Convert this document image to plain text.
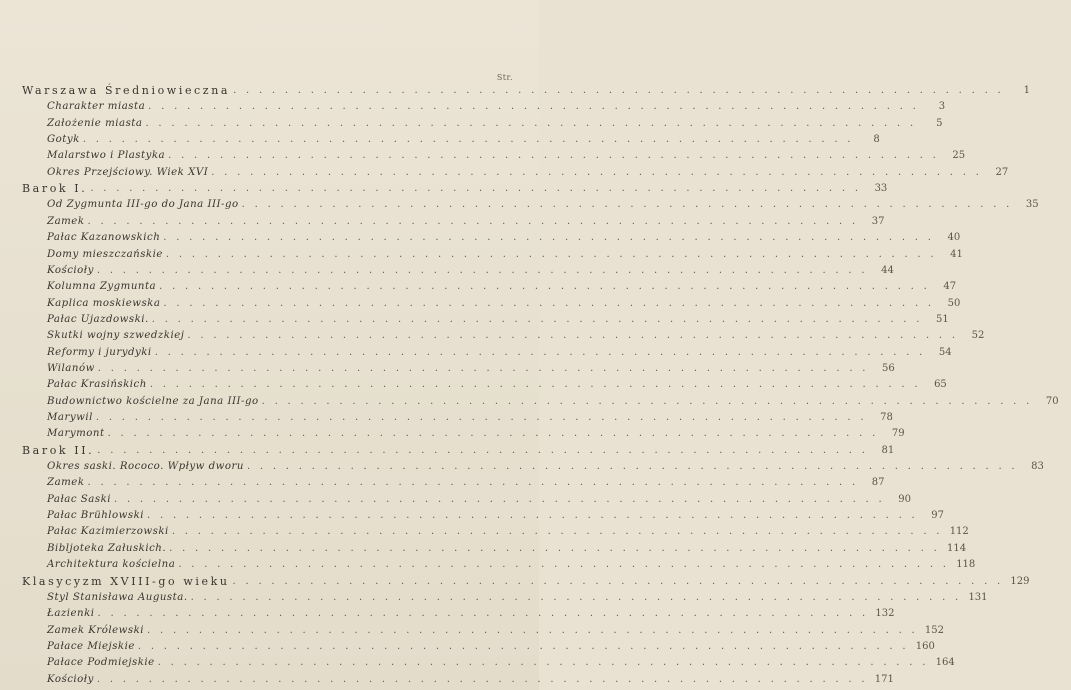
Str.
Warszawa Średniowieczna . . . . . . . . . . . . . . . . . . . . . . . . . . . . . . . . . . . . . . . . . . . . . . . . . . . . . . . . . . . .	1
Charakter miasta . . . . . . . . . . . . . . . . . . . . . . . . . . . . . . . . . . . . . . . . . . . . . . . . . . . . . . . . . . . .	3
Założenie miasta . . . . . . . . . . . . . . . . . . . . . . . . . . . . . . . . . . . . . . . . . . . . . . . . . . . . . . . . . . . .	5
Gotyk . . . . . . . . . . . . . . . . . . . . . . . . . . . . . . . . . . . . . . . . . . . . . . . . . . . . . . . . . . . .	8
Malarstwo i Plastyka . . . . . . . . . . . . . . . . . . . . . . . . . . . . . . . . . . . . . . . . . . . . . . . . . . . . . . . . . . . .	25
Okres Przejściowy. Wiek XVI . . . . . . . . . . . . . . . . . . . . . . . . . . . . . . . . . . . . . . . . . . . . . . . . . . . . . . . . . . . .	27
Barok I. . . . . . . . . . . . . . . . . . . . . . . . . . . . . . . . . . . . . . . . . . . . . . . . . . . . . . . . . . . . .	33
Od Zygmunta III-go do Jana III-go . . . . . . . . . . . . . . . . . . . . . . . . . . . . . . . . . . . . . . . . . . . . . . . . . . . . . . . . . . . .	35
Zamek . . . . . . . . . . . . . . . . . . . . . . . . . . . . . . . . . . . . . . . . . . . . . . . . . . . . . . . . . . . .	37
Pałac Kazanowskich . . . . . . . . . . . . . . . . . . . . . . . . . . . . . . . . . . . . . . . . . . . . . . . . . . . . . . . . . . . .	40
Domy mieszczańskie . . . . . . . . . . . . . . . . . . . . . . . . . . . . . . . . . . . . . . . . . . . . . . . . . . . . . . . . . . . .	41
Kościoły . . . . . . . . . . . . . . . . . . . . . . . . . . . . . . . . . . . . . . . . . . . . . . . . . . . . . . . . . . . .	44
Kolumna Zygmunta . . . . . . . . . . . . . . . . . . . . . . . . . . . . . . . . . . . . . . . . . . . . . . . . . . . . . . . . . . . .	47
Kaplica moskiewska . . . . . . . . . . . . . . . . . . . . . . . . . . . . . . . . . . . . . . . . . . . . . . . . . . . . . . . . . . . .	50
Pałac Ujazdowski. . . . . . . . . . . . . . . . . . . . . . . . . . . . . . . . . . . . . . . . . . . . . . . . . . . . . . . . . . . . .	51
Skutki wojny szwedzkiej . . . . . . . . . . . . . . . . . . . . . . . . . . . . . . . . . . . . . . . . . . . . . . . . . . . . . . . . . . . .	52
Reformy i jurydyki . . . . . . . . . . . . . . . . . . . . . . . . . . . . . . . . . . . . . . . . . . . . . . . . . . . . . . . . . . . .	54
Wilanów . . . . . . . . . . . . . . . . . . . . . . . . . . . . . . . . . . . . . . . . . . . . . . . . . . . . . . . . . . . .	56
Pałac Krasińskich . . . . . . . . . . . . . . . . . . . . . . . . . . . . . . . . . . . . . . . . . . . . . . . . . . . . . . . . . . . .	65
Budownictwo kościelne za Jana III-go . . . . . . . . . . . . . . . . . . . . . . . . . . . . . . . . . . . . . . . . . . . . . . . . . . . . . . . . . . . .	70
Marywil . . . . . . . . . . . . . . . . . . . . . . . . . . . . . . . . . . . . . . . . . . . . . . . . . . . . . . . . . . . .	78
Marymont . . . . . . . . . . . . . . . . . . . . . . . . . . . . . . . . . . . . . . . . . . . . . . . . . . . . . . . . . . . .	79
Barok II. . . . . . . . . . . . . . . . . . . . . . . . . . . . . . . . . . . . . . . . . . . . . . . . . . . . . . . . . . . . .	81
Okres saski. Rococo. Wpływ dworu . . . . . . . . . . . . . . . . . . . . . . . . . . . . . . . . . . . . . . . . . . . . . . . . . . . . . . . . . . . .	83
Zamek . . . . . . . . . . . . . . . . . . . . . . . . . . . . . . . . . . . . . . . . . . . . . . . . . . . . . . . . . . . .	87
Pałac Saski . . . . . . . . . . . . . . . . . . . . . . . . . . . . . . . . . . . . . . . . . . . . . . . . . . . . . . . . . . . .	90
Pałac Brühlowski . . . . . . . . . . . . . . . . . . . . . . . . . . . . . . . . . . . . . . . . . . . . . . . . . . . . . . . . . . . .	97
Pałac Kazimierzowski . . . . . . . . . . . . . . . . . . . . . . . . . . . . . . . . . . . . . . . . . . . . . . . . . . . . . . . . . . . . 112
Bibljoteka Załuskich. . . . . . . . . . . . . . . . . . . . . . . . . . . . . . . . . . . . . . . . . . . . . . . . . . . . . . . . . . . . . 114
Architektura kościelna . . . . . . . . . . . . . . . . . . . . . . . . . . . . . . . . . . . . . . . . . . . . . . . . . . . . . . . . . . . . 118
Klasycyzm XVIII-go wieku . . . . . . . . . . . . . . . . . . . . . . . . . . . . . . . . . . . . . . . . . . . . . . . . . . . . . . . . . . . . 129
Styl Stanisława Augusta. . . . . . . . . . . . . . . . . . . . . . . . . . . . . . . . . . . . . . . . . . . . . . . . . . . . . . . . . . . . . 131
Łazienki . . . . . . . . . . . . . . . . . . . . . . . . . . . . . . . . . . . . . . . . . . . . . . . . . . . . . . . . . . . . 132
Zamek Królewski . . . . . . . . . . . . . . . . . . . . . . . . . . . . . . . . . . . . . . . . . . . . . . . . . . . . . . . . . . . . 152
Pałace Miejskie . . . . . . . . . . . . . . . . . . . . . . . . . . . . . . . . . . . . . . . . . . . . . . . . . . . . . . . . . . . . 160
Pałace Podmiejskie . . . . . . . . . . . . . . . . . . . . . . . . . . . . . . . . . . . . . . . . . . . . . . . . . . . . . . . . . . . . 164
Kościoły . . . . . . . . . . . . . . . . . . . . . . . . . . . . . . . . . . . . . . . . . . . . . . . . . . . . . . . . . . . . 171
